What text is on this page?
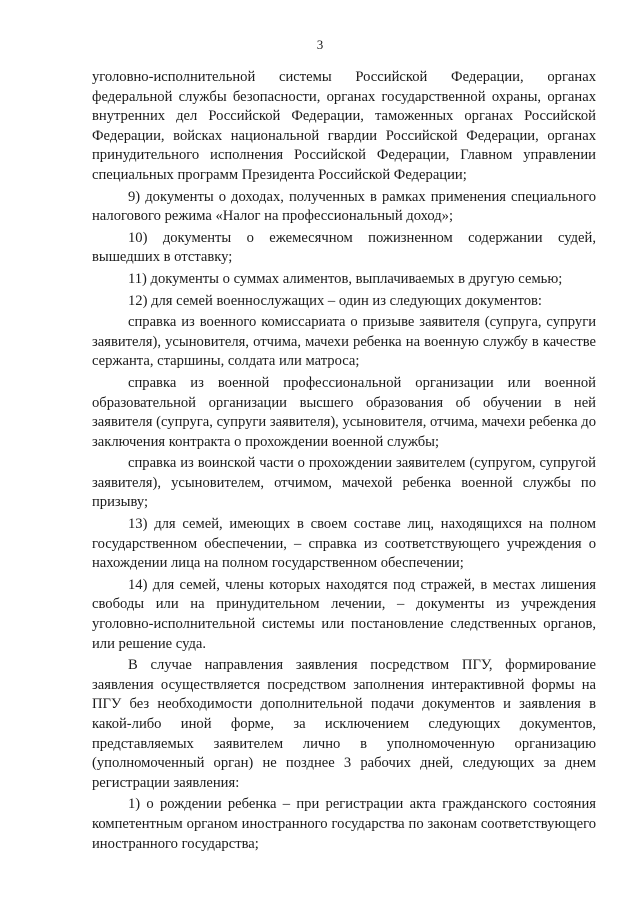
3

уголовно-исполнительной системы Российской Федерации, органах федеральной службы безопасности, органах государственной охраны, органах внутренних дел Российской Федерации, таможенных органах Российской Федерации, войсках национальной гвардии Российской Федерации, органах принудительного исполнения Российской Федерации, Главном управлении специальных программ Президента Российской Федерации;

9) документы о доходах, полученных в рамках применения специального налогового режима «Налог на профессиональный доход»;

10) документы о ежемесячном пожизненном содержании судей, вышедших в отставку;

11) документы о суммах алиментов, выплачиваемых в другую семью;

12) для семей военнослужащих – один из следующих документов:

справка из военного комиссариата о призыве заявителя (супруга, супруги заявителя), усыновителя, отчима, мачехи ребенка на военную службу в качестве сержанта, старшины, солдата или матроса;

справка из военной профессиональной организации или военной образовательной организации высшего образования об обучении в ней заявителя (супруга, супруги заявителя), усыновителя, отчима, мачехи ребенка до заключения контракта о прохождении военной службы;

справка из воинской части о прохождении заявителем (супругом, супругой заявителя), усыновителем, отчимом, мачехой ребенка военной службы по призыву;

13) для семей, имеющих в своем составе лиц, находящихся на полном государственном обеспечении, – справка из соответствующего учреждения о нахождении лица на полном государственном обеспечении;

14) для семей, члены которых находятся под стражей, в местах лишения свободы или на принудительном лечении, – документы из учреждения уголовно-исполнительной системы или постановление следственных органов, или решение суда.

В случае направления заявления посредством ПГУ, формирование заявления осуществляется посредством заполнения интерактивной формы на ПГУ без необходимости дополнительной подачи документов и заявления в какой-либо иной форме, за исключением следующих документов, представляемых заявителем лично в уполномоченную организацию (уполномоченный орган) не позднее 3 рабочих дней, следующих за днем регистрации заявления:

1) о рождении ребенка – при регистрации акта гражданского состояния компетентным органом иностранного государства по законам соответствующего иностранного государства;
